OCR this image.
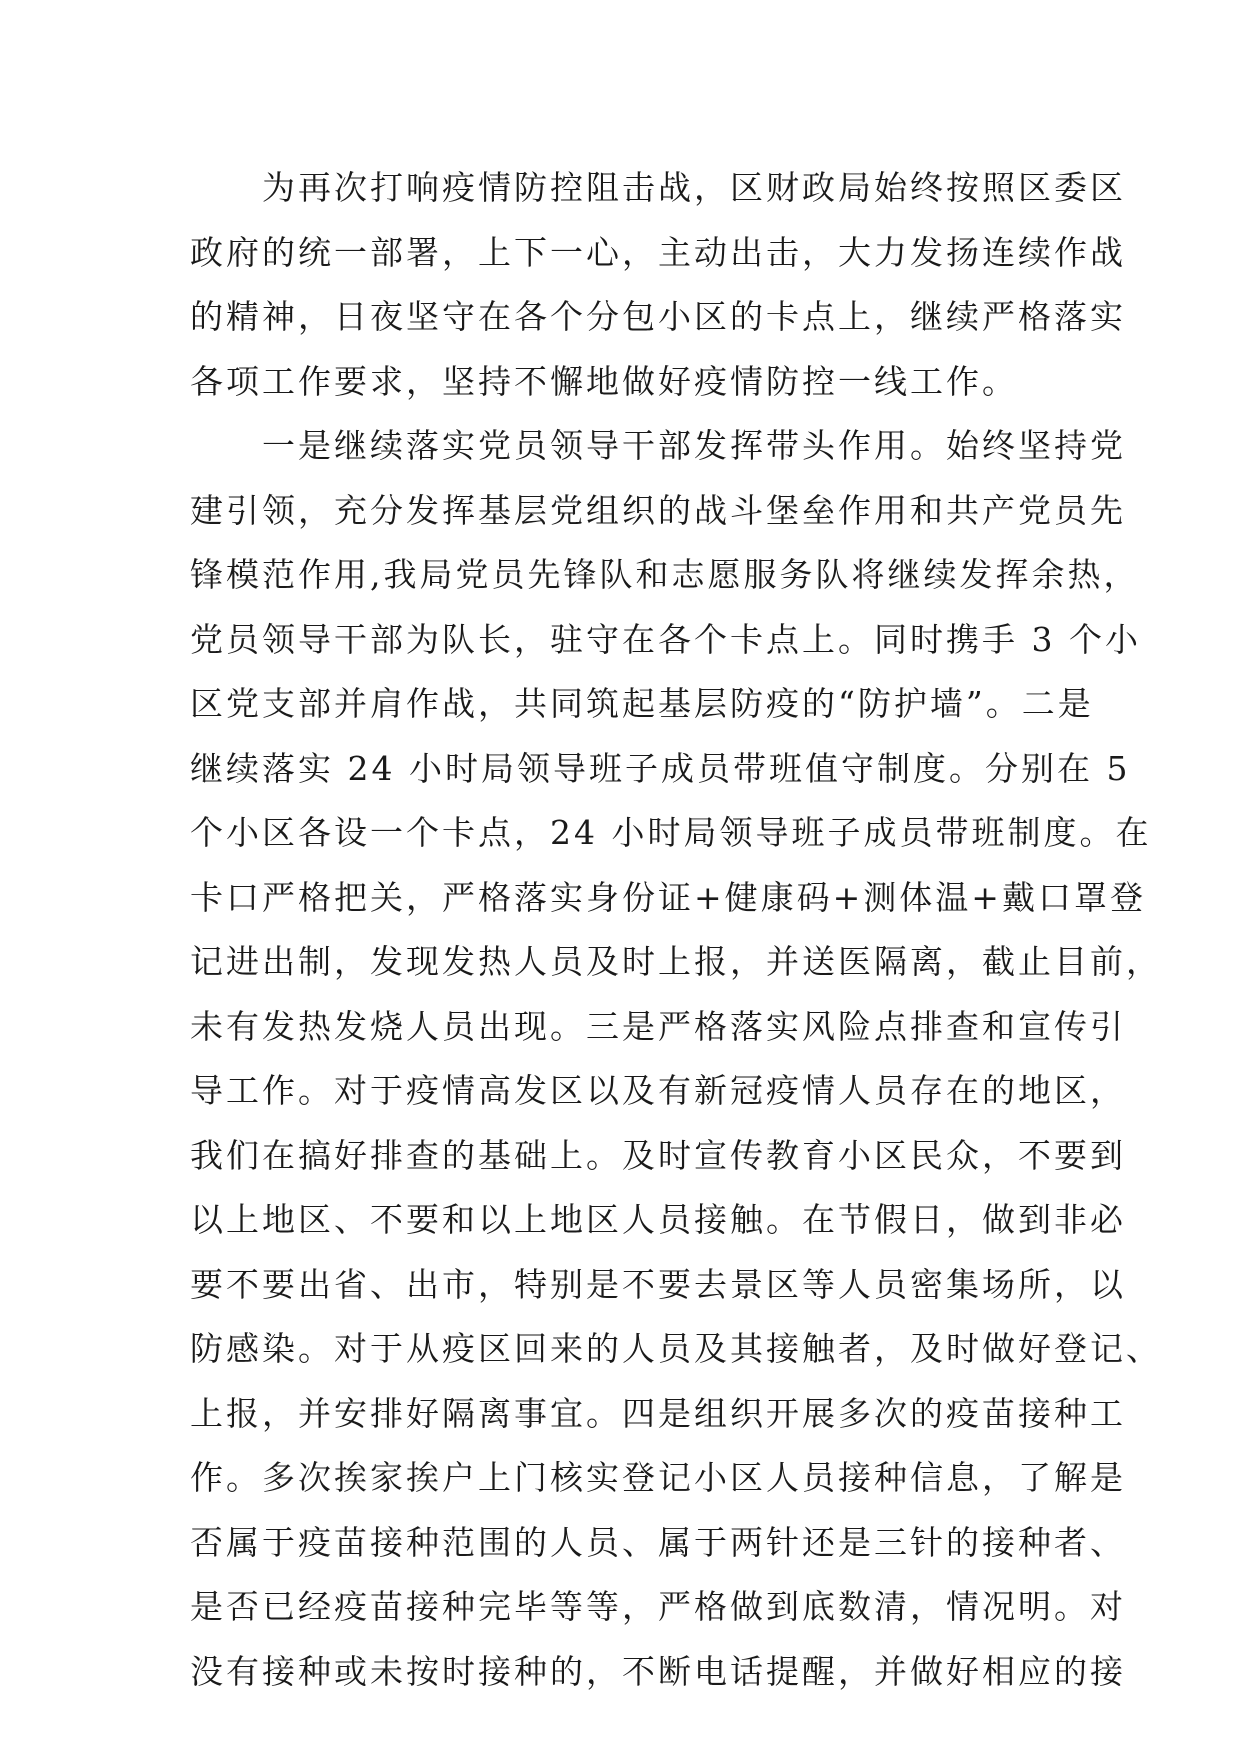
为再次打响疫情防控阻击战，区财政局始终按照区委区
政府的统一部署，上下一心，主动出击，大力发扬连续作战
的精神，日夜坚守在各个分包小区的卡点上，继续严格落实
各项工作要求，坚持不懈地做好疫情防控一线工作。
一是继续落实党员领导干部发挥带头作用。始终坚持党
建引领，充分发挥基层党组织的战斗堡垒作用和共产党员先
锋模范作用,我局党员先锋队和志愿服务队将继续发挥余热，
党员领导干部为队长，驻守在各个卡点上。同时携手 3 个小
区党支部并肩作战，共同筑起基层防疫的“防护墙”。二是
继续落实 24 小时局领导班子成员带班值守制度。分别在 5
个小区各设一个卡点，24 小时局领导班子成员带班制度。在
卡口严格把关，严格落实身份证+健康码+测体温+戴口罩登
记进出制，发现发热人员及时上报，并送医隔离，截止目前，
未有发热发烧人员出现。三是严格落实风险点排查和宣传引
导工作。对于疫情高发区以及有新冠疫情人员存在的地区，
我们在搞好排查的基础上。及时宣传教育小区民众，不要到
以上地区、不要和以上地区人员接触。在节假日，做到非必
要不要出省、出市，特别是不要去景区等人员密集场所，以
防感染。对于从疫区回来的人员及其接触者，及时做好登记、
上报，并安排好隔离事宜。四是组织开展多次的疫苗接种工
作。多次挨家挨户上门核实登记小区人员接种信息，了解是
否属于疫苗接种范围的人员、属于两针还是三针的接种者、
是否已经疫苗接种完毕等等，严格做到底数清，情况明。对
没有接种或未按时接种的，不断电话提醒，并做好相应的接
